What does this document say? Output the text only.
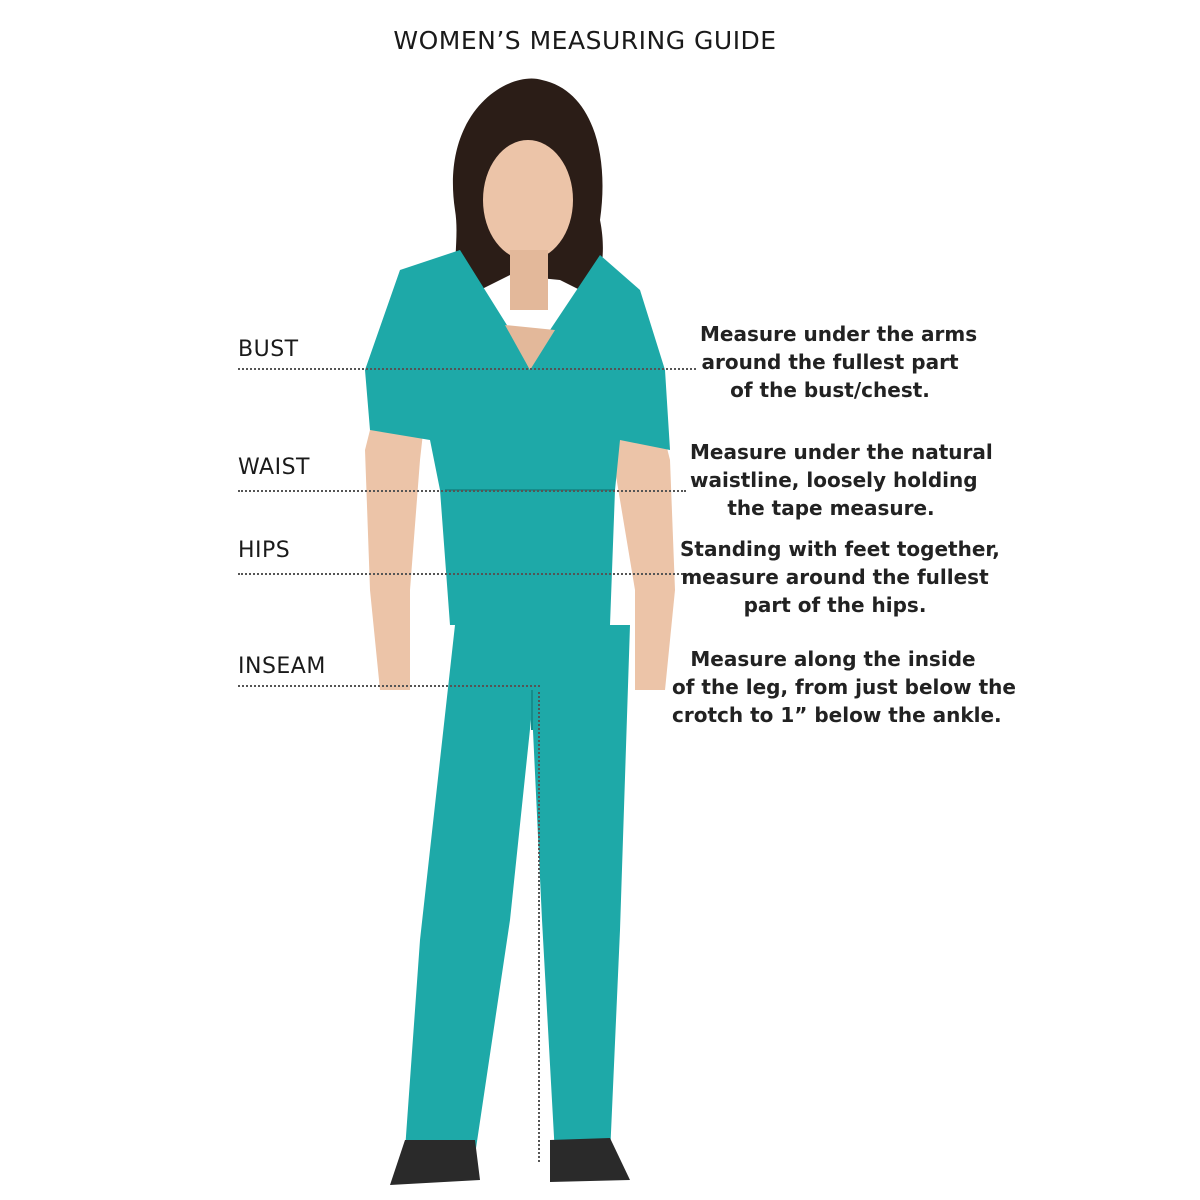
WOMEN’S MEASURING GUIDE
BUST
Measure under the arms
around the fullest part
of the bust/chest.
WAIST
Measure under the natural
waistline, loosely holding
the tape measure.
HIPS	Standing with feet together,
measure around the fullest
part of the hips.
INSEAM	Measure along the inside
of the leg, from just below the
crotch to 1” below the ankle.
